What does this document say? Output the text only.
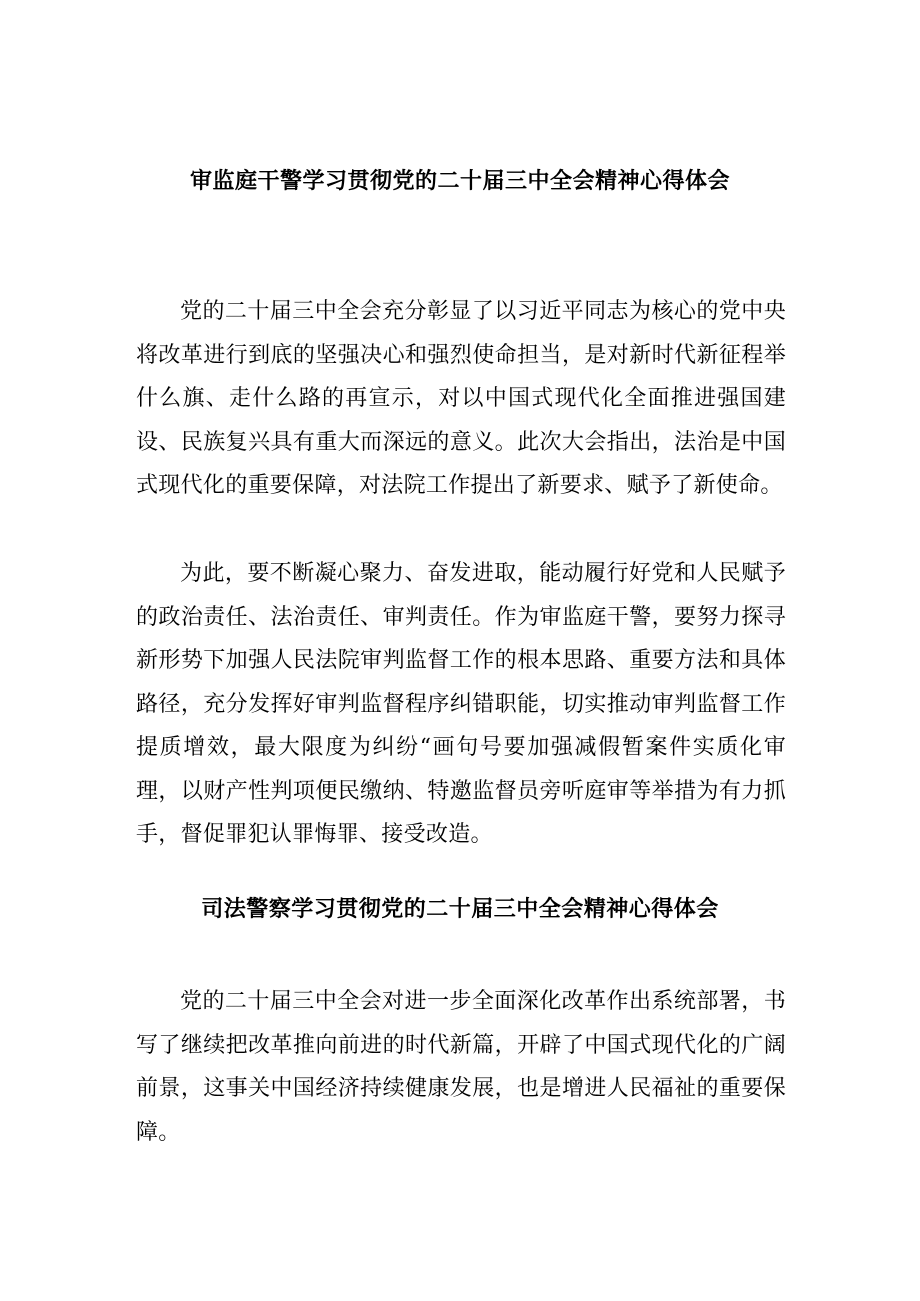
审监庭干警学习贯彻党的二十届三中全会精神心得体会

党的二十届三中全会充分彰显了以习近平同志为核心的党中央将改革进行到底的坚强决心和强烈使命担当，是对新时代新征程举什么旗、走什么路的再宣示，对以中国式现代化全面推进强国建设、民族复兴具有重大而深远的意义。此次大会指出，法治是中国式现代化的重要保障，对法院工作提出了新要求、赋予了新使命。

为此，要不断凝心聚力、奋发进取，能动履行好党和人民赋予的政治责任、法治责任、审判责任。作为审监庭干警，要努力探寻新形势下加强人民法院审判监督工作的根本思路、重要方法和具体路径，充分发挥好审判监督程序纠错职能，切实推动审判监督工作提质增效，最大限度为纠纷“画句号要加强减假暂案件实质化审理，以财产性判项便民缴纳、特邀监督员旁听庭审等举措为有力抓手，督促罪犯认罪悔罪、接受改造。

司法警察学习贯彻党的二十届三中全会精神心得体会

党的二十届三中全会对进一步全面深化改革作出系统部署，书写了继续把改革推向前进的时代新篇，开辟了中国式现代化的广阔前景，这事关中国经济持续健康发展，也是增进人民福祉的重要保障。
